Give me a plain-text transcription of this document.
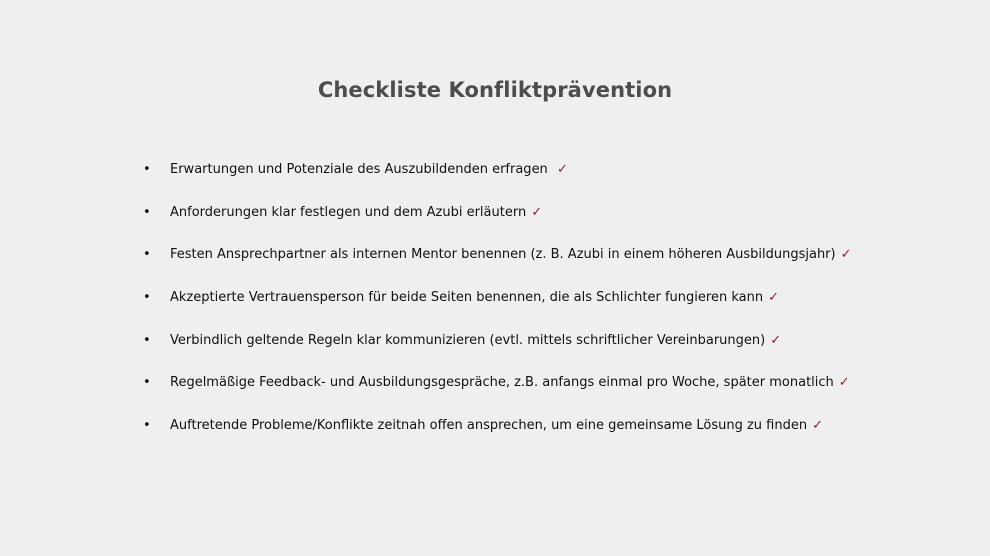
Checkliste Konfliktprävention
•	Erwartungen und Potenziale des Auszubildenden erfragen ✓
•	Anforderungen klar festlegen und dem Azubi erläutern ✓
•	Festen Ansprechpartner als internen Mentor benennen (z. B. Azubi in einem höheren Ausbildungsjahr) ✓
•	Akzeptierte Vertrauensperson für beide Seiten benennen, die als Schlichter fungieren kann ✓
•	Verbindlich geltende Regeln klar kommunizieren (evtl. mittels schriftlicher Vereinbarungen) ✓
•	Regelmäßige Feedback- und Ausbildungsgespräche, z.B. anfangs einmal pro Woche, später monatlich ✓
•	Auftretende Probleme/Konflikte zeitnah offen ansprechen, um eine gemeinsame Lösung zu finden ✓
